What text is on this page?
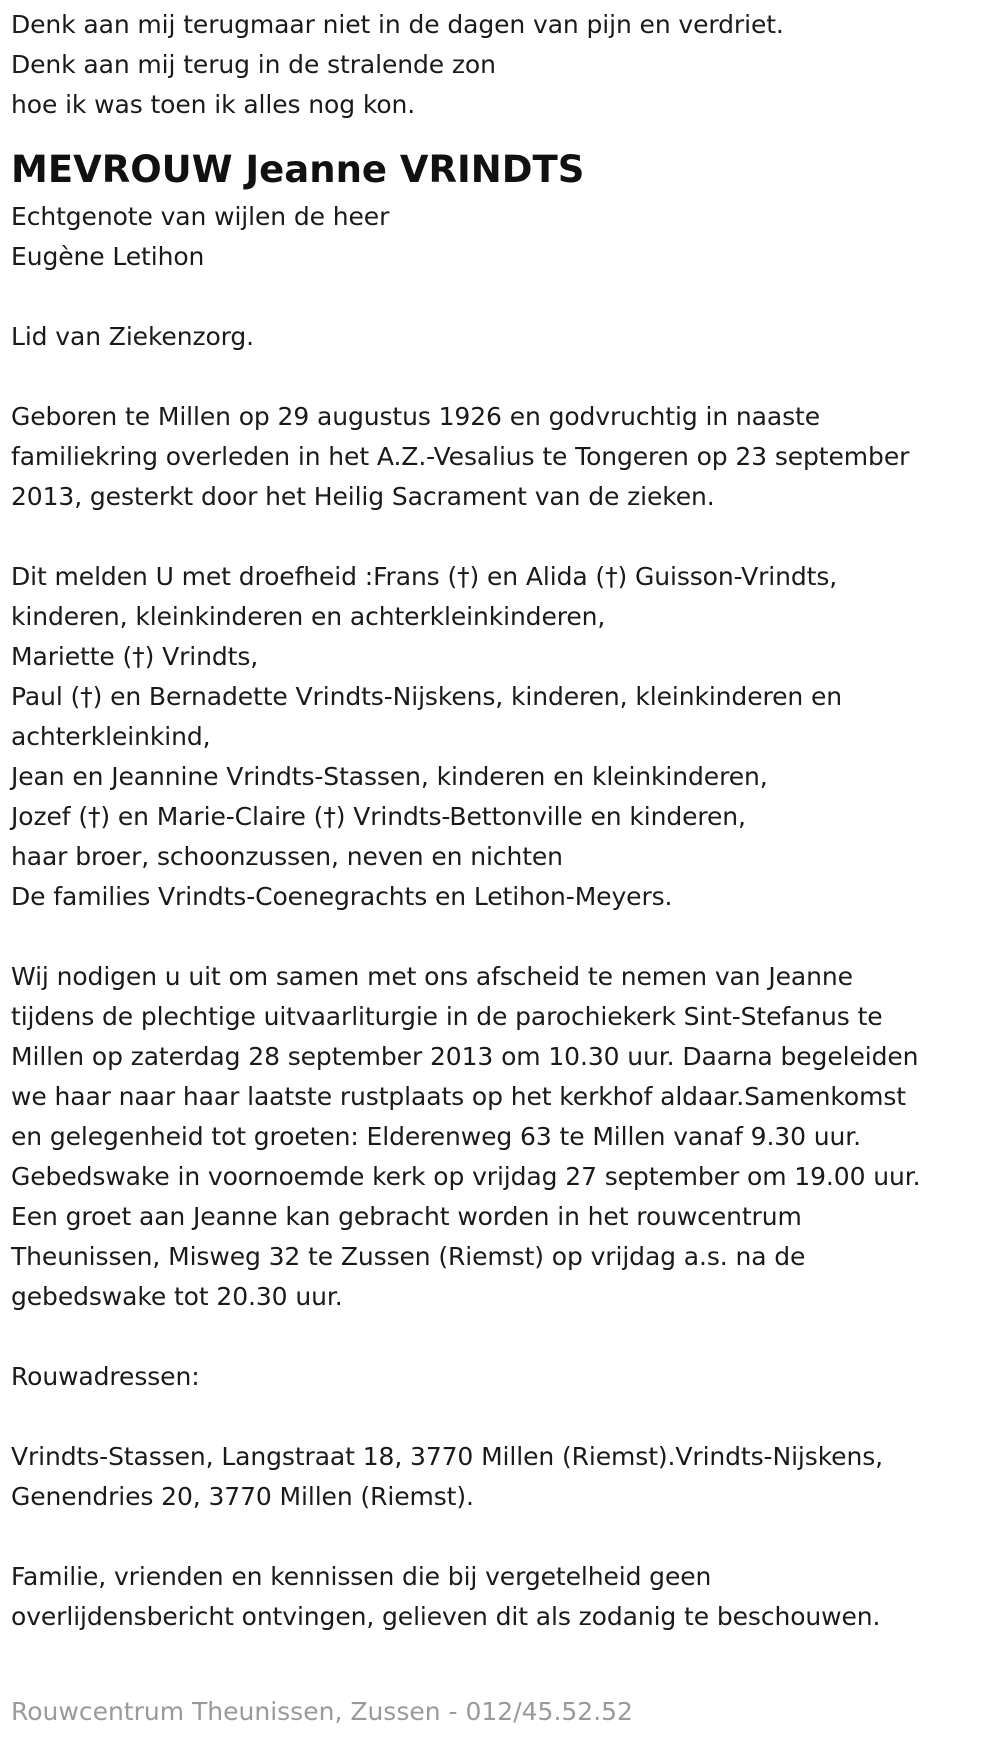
Denk aan mij terugmaar niet in de dagen van pijn en verdriet.
Denk aan mij terug in de stralende zon
hoe ik was toen ik alles nog kon.
MEVROUW Jeanne VRINDTS
Echtgenote van wijlen de heer
Eugène Letihon
Lid van Ziekenzorg.
Geboren te Millen op 29 augustus 1926 en godvruchtig in naaste
familiekring overleden in het A.Z.-Vesalius te Tongeren op 23 september
2013, gesterkt door het Heilig Sacrament van de zieken.
Dit melden U met droefheid :Frans (†) en Alida (†) Guisson-Vrindts,
kinderen, kleinkinderen en achterkleinkinderen,
Mariette (†) Vrindts,
Paul (†) en Bernadette Vrindts-Nijskens, kinderen, kleinkinderen en
achterkleinkind,
Jean en Jeannine Vrindts-Stassen, kinderen en kleinkinderen,
Jozef (†) en Marie-Claire (†) Vrindts-Bettonville en kinderen,
haar broer, schoonzussen, neven en nichten
De families Vrindts-Coenegrachts en Letihon-Meyers.
Wij nodigen u uit om samen met ons afscheid te nemen van Jeanne
tijdens de plechtige uitvaarliturgie in de parochiekerk Sint-Stefanus te
Millen op zaterdag 28 september 2013 om 10.30 uur. Daarna begeleiden
we haar naar haar laatste rustplaats op het kerkhof aldaar.Samenkomst
en gelegenheid tot groeten: Elderenweg 63 te Millen vanaf 9.30 uur.
Gebedswake in voornoemde kerk op vrijdag 27 september om 19.00 uur.
Een groet aan Jeanne kan gebracht worden in het rouwcentrum
Theunissen, Misweg 32 te Zussen (Riemst) op vrijdag a.s. na de
gebedswake tot 20.30 uur.
Rouwadressen:
Vrindts-Stassen, Langstraat 18, 3770 Millen (Riemst).Vrindts-Nijskens,
Genendries 20, 3770 Millen (Riemst).
Familie, vrienden en kennissen die bij vergetelheid geen
overlijdensbericht ontvingen, gelieven dit als zodanig te beschouwen.
Rouwcentrum Theunissen, Zussen - 012/45.52.52
